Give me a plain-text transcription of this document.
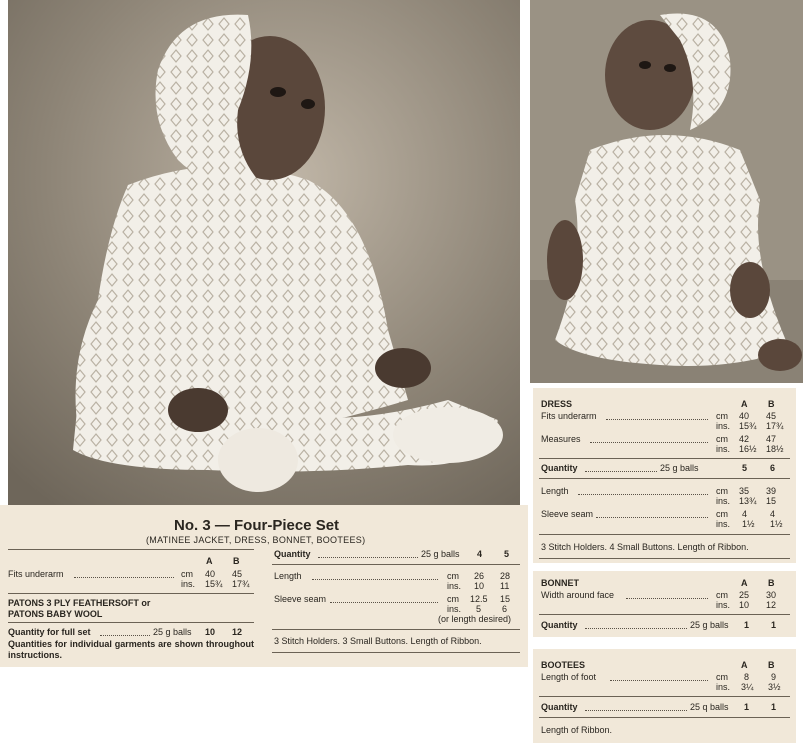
No. 3 — Four-Piece Set
(MATINEE JACKET, DRESS, BONNET, BOOTEES)
A B
Fits underarm	cm 40 45
ins. 15¾ 17¾
PATONS 3 PLY FEATHERSOFT or PATONS BABY WOOL
Quantity for full set	25 g balls 10 12
Quantities for individual garments are shown throughout instructions.
Quantity	25 g balls 4 5
Length	cm 26 28
ins. 10 11
Sleeve seam	cm 12.5 15
ins. 5 6
(or length desired)
3 Stitch Holders. 3 Small Buttons. Length of Ribbon.
DRESS	A B
Fits underarm	cm 40 45
ins. 15¾ 17¾
Measures	cm 42 47
ins. 16½ 18½
Quantity	25 g balls	5	6
Length	cm 35 39
ins. 13¾ 15
Sleeve seam	cm 4	4
ins. 1½ 1½
3 Stitch Holders. 4 Small Buttons. Length of Ribbon.
BONNET	A B
Width around face	cm 25 30
ins. 10 12
Quantity	25 g balls 1 1
BOOTEES	A B
Length of foot	cm 8 9
ins. 3¼ 3½
Quantity	25 q balls 1 1
Length of Ribbon.
